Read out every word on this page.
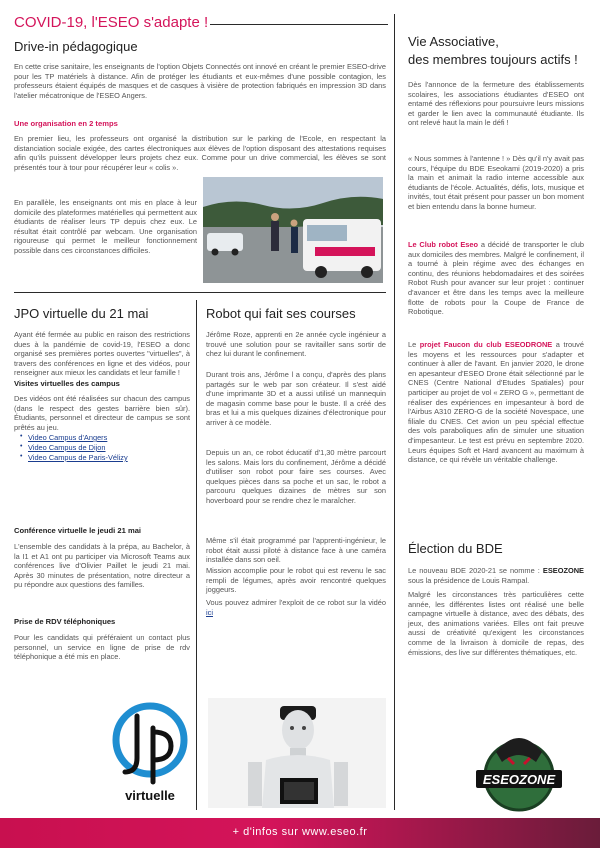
COVID-19, l'ESEO s'adapte !
Drive-in pédagogique

En cette crise sanitaire, les enseignants de l'option Objets Connectés ont innové en créant le premier ESEO-drive pour les TP matériels à distance. Afin de protéger les étudiants et eux-mêmes d'une possible contagion, les professeurs étaient équipés de masques et de casques à visière de protection fabriqués en impression 3D dans l'atelier mécatronique de l'ESEO Angers.

Une organisation en 2 temps

En premier lieu, les professeurs ont organisé la distribution sur le parking de l'Ecole, en respectant la distanciation sociale exigée, des cartes électroniques aux élèves de l'option disposant des attestations requises afin qu'ils puissent développer leurs projets chez eux. Comme pour un drive commercial, les élèves se sont présentés tour à tour pour récupérer leur « colis ».

En parallèle, les enseignants ont mis en place à leur domicile des plateformes matérielles qui permettent aux étudiants de réaliser leurs TP depuis chez eux. Le résultat était contrôlé par webcam. Une organisation rigoureuse qui permet le meilleur fonctionnement possible dans ces circonstances difficiles.

JPO virtuelle du 21 mai

Ayant été fermée au public en raison des restrictions dues à la pandémie de covid-19, l'ESEO a donc organisé ses premières portes ouvertes "virtuelles", à travers des conférences en ligne et des vidéos, pour renseigner aux mieux les candidats et leur famille !

Visites virtuelles des campus

Des vidéos ont été réalisées sur chacun des campus (dans le respect des gestes barrière bien sûr). Étudiants, personnel et directeur de campus se sont prêtés au jeu.

• Video Campus d'Angers
• Video Campus de Dijon
• Video Campus de Paris-Vélizy
Conférence virtuelle le jeudi 21 mai

L'ensemble des candidats à la prépa, au Bachelor, à la I1 et A1 ont pu participer via Microsoft Teams aux conférences live d'Olivier Paillet le jeudi 21 mai. Après 30 minutes de présentation, notre directeur a pu répondre aux questions des familles.

Prise de RDV téléphoniques

Pour les candidats qui préféraient un contact plus personnel, un service en ligne de prise de rdv téléphonique a été mis en place.

virtuelle
Robot qui fait ses courses

Jérôme Roze, apprenti en 2e année cycle ingénieur a trouvé une solution pour se ravitailler sans sortir de chez lui durant le confinement.

Durant trois ans, Jérôme l a conçu, d'après des plans partagés sur le web par son créateur. Il s'est aidé d'une imprimante 3D et a aussi utilisé un mannequin de magasin comme base pour le buste. Il a créé des bras et lui a mis quelques dizaines d'électronique pour arriver à ce modèle.

Depuis un an, ce robot éducatif d'1,30 mètre parcourt les salons. Mais lors du confinement, Jérôme a décidé d'utiliser son robot pour faire ses courses. Avec quelques pièces dans sa poche et un sac, le robot a parcouru quelques dizaines de mètres sur son hoverboard pour se rendre chez le maraîcher.

Même s'il était programmé par l'apprenti-ingénieur, le robot était aussi piloté à distance face à une caméra installée dans son oeil.

Mission accomplie pour le robot qui est revenu le sac rempli de légumes, après avoir rencontré quelques joggeurs.

Vous pouvez admirer l'exploit de ce robot sur la vidéo ici

Vie Associative,
des membres toujours actifs !

Dès l'annonce de la fermeture des établissements scolaires, les associations étudiantes d'ESEO ont entamé des réflexions pour poursuivre leurs missions et garder le lien avec la communauté étudiante. Ils ont relevé haut la main le défi !

« Nous sommes à l'antenne ! » Dès qu'il n'y avait pas cours, l'équipe du BDE Eseokami (2019-2020) a pris la main et animait la radio interne accessible aux étudiants de l'école. Actualités, défis, lots, musique et invités, tout était présent pour passer un bon moment et bien entendu dans la bonne humeur.

Le Club robot Eseo a décidé de transporter le club aux domiciles des membres. Malgré le confinement, il a tourné à plein régime avec des échanges en continu, des réunions hebdomadaires et des soirées Robot Rush pour avancer sur leur projet : continuer d'avancer et être dans les temps avec la meilleure flotte de robots pour la Coupe de France de Robotique.

Le projet Faucon du club ESEODRONE a trouvé les moyens et les ressources pour s'adapter et continuer à aller de l'avant. En janvier 2020, le drone en apesanteur d'ESEO Drone était sélectionné par le CNES (Centre National d'Etudes Spatiales) pour participer au projet de vol « ZERO G », permettant de réaliser des expériences en impesanteur à bord de l'Airbus A310 ZERO-G de la société Novespace, une filiale du CNES. Cet avion un peu spécial effectue des vols paraboliques afin de simuler une situation d'impesanteur. Le test est prévu en septembre 2020. Leurs équipes Soft et Hard avancent au maximum à distance, ce qui révèle un véritable challenge.

Élection du BDE

Le nouveau BDE 2020-21 se nomme : ESEOZONE sous la présidence de Louis Rampal.

Malgré les circonstances très particulières cette année, les différentes listes ont réalisé une belle campagne virtuelle à distance, avec des débats, des jeux, des animations variées. Elles ont fait preuve aussi de créativité qu'exigent les circonstances comme de la livraison à domicile de repas, des émissions, des live sur différentes thématiques, etc.

ESEOZONE
+ d'infos sur www.eseo.fr
